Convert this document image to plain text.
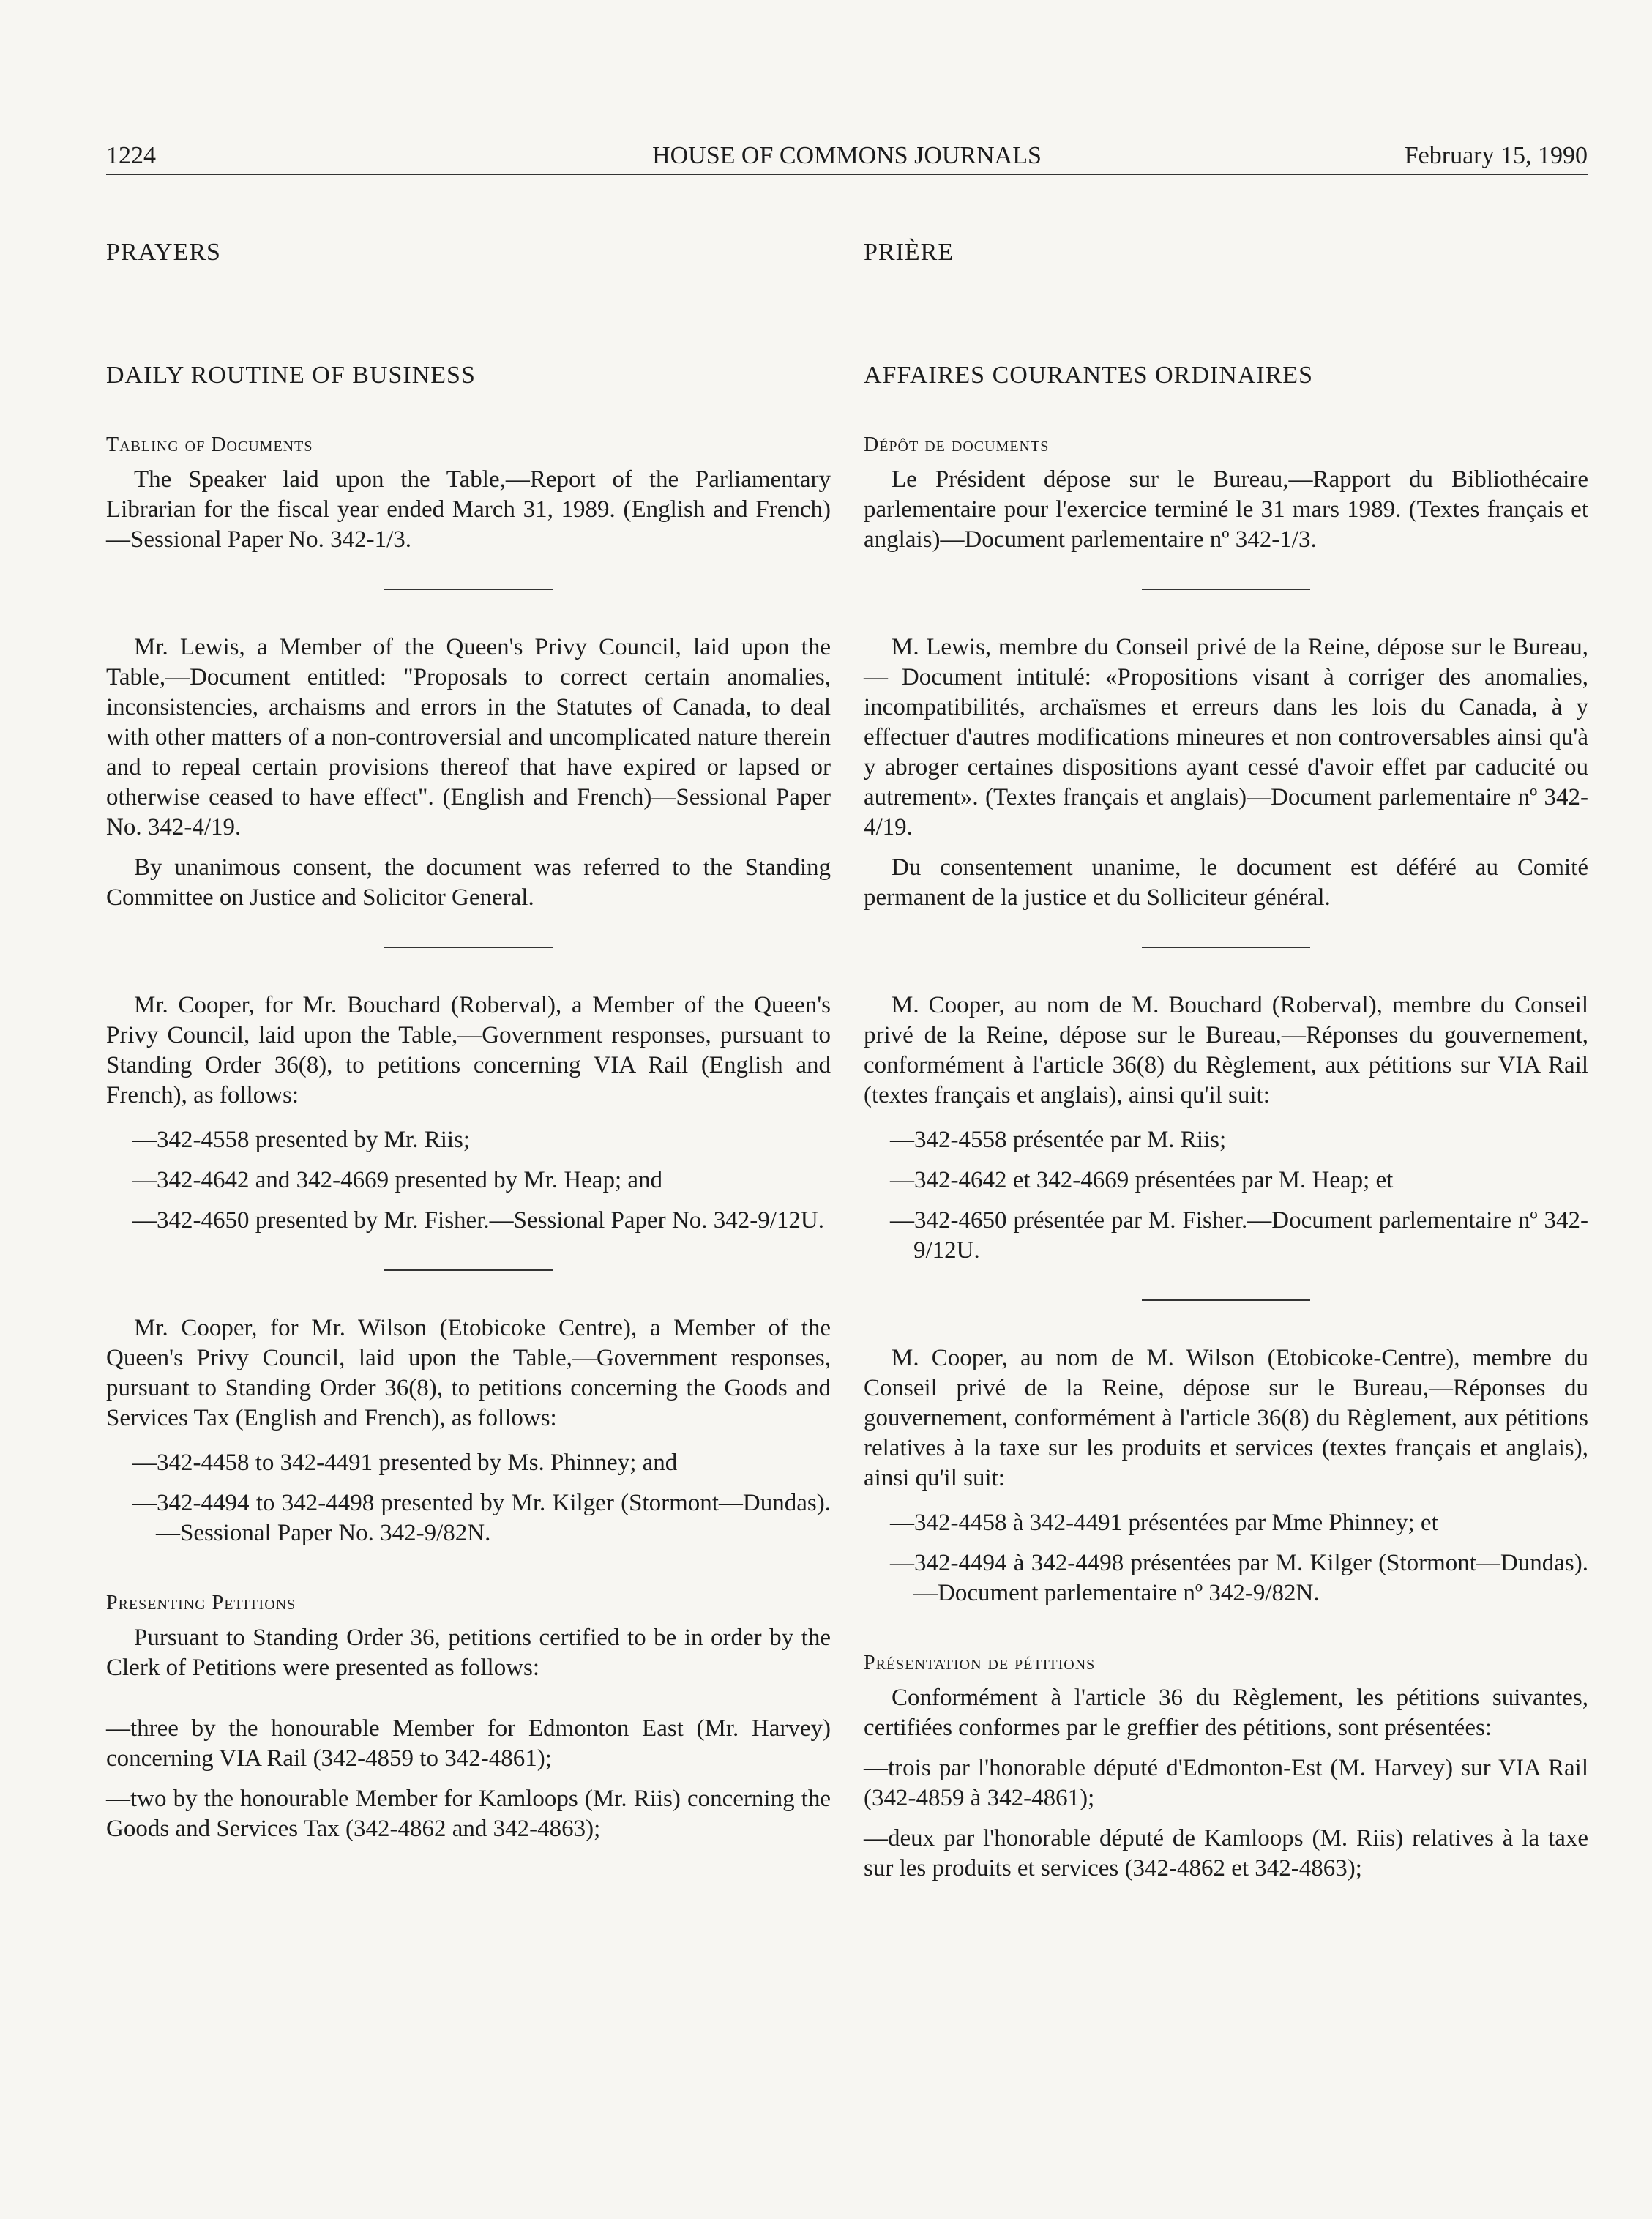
1224	HOUSE OF COMMONS JOURNALS	February 15, 1990
PRAYERS
DAILY ROUTINE OF BUSINESS
Tabling of Documents

The Speaker laid upon the Table,—Report of the Parliamentary Librarian for the fiscal year ended March 31, 1989. (English and French)—Sessional Paper No. 342-1/3.

Mr. Lewis, a Member of the Queen's Privy Council, laid upon the Table,—Document entitled: "Proposals to correct certain anomalies, inconsistencies, archaisms and errors in the Statutes of Canada, to deal with other matters of a non-controversial and uncomplicated nature therein and to repeal certain provisions thereof that have expired or lapsed or otherwise ceased to have effect". (English and French)—Sessional Paper No. 342-4/19.

By unanimous consent, the document was referred to the Standing Committee on Justice and Solicitor General.

Mr. Cooper, for Mr. Bouchard (Roberval), a Member of the Queen's Privy Council, laid upon the Table,—Government responses, pursuant to Standing Order 36(8), to petitions concerning VIA Rail (English and French), as follows:

—342-4558 presented by Mr. Riis;
—342-4642 and 342-4669 presented by Mr. Heap; and
—342-4650 presented by Mr. Fisher.—Sessional Paper No. 342-9/12U.

Mr. Cooper, for Mr. Wilson (Etobicoke Centre), a Member of the Queen's Privy Council, laid upon the Table,—Government responses, pursuant to Standing Order 36(8), to petitions concerning the Goods and Services Tax (English and French), as follows:

—342-4458 to 342-4491 presented by Ms. Phinney; and
—342-4494 to 342-4498 presented by Mr. Kilger (Stormont—Dundas).—Sessional Paper No. 342-9/82N.
Presenting Petitions

Pursuant to Standing Order 36, petitions certified to be in order by the Clerk of Petitions were presented as follows:

—three by the honourable Member for Edmonton East (Mr. Harvey) concerning VIA Rail (342-4859 to 342-4861);

—two by the honourable Member for Kamloops (Mr. Riis) concerning the Goods and Services Tax (342-4862 and 342-4863);

PRIÈRE
AFFAIRES COURANTES ORDINAIRES
Dépôt de documents

Le Président dépose sur le Bureau,—Rapport du Bibliothécaire parlementaire pour l'exercice terminé le 31 mars 1989. (Textes français et anglais)—Document parlementaire nº 342-1/3.

M. Lewis, membre du Conseil privé de la Reine, dépose sur le Bureau,— Document intitulé: «Propositions visant à corriger des anomalies, incompatibilités, archaïsmes et erreurs dans les lois du Canada, à y effectuer d'autres modifications mineures et non controversables ainsi qu'à y abroger certaines dispositions ayant cessé d'avoir effet par caducité ou autrement». (Textes français et anglais)—Document parlementaire nº 342-4/19.

Du consentement unanime, le document est déféré au Comité permanent de la justice et du Solliciteur général.

M. Cooper, au nom de M. Bouchard (Roberval), membre du Conseil privé de la Reine, dépose sur le Bureau,—Réponses du gouvernement, conformément à l'article 36(8) du Règlement, aux pétitions sur VIA Rail (textes français et anglais), ainsi qu'il suit:

—342-4558 présentée par M. Riis;
—342-4642 et 342-4669 présentées par M. Heap; et
—342-4650 présentée par M. Fisher.—Document parlementaire nº 342-9/12U.

M. Cooper, au nom de M. Wilson (Etobicoke-Centre), membre du Conseil privé de la Reine, dépose sur le Bureau,—Réponses du gouvernement, conformément à l'article 36(8) du Règlement, aux pétitions relatives à la taxe sur les produits et services (textes français et anglais), ainsi qu'il suit:

—342-4458 à 342-4491 présentées par Mme Phinney; et
—342-4494 à 342-4498 présentées par M. Kilger (Stormont—Dundas).—Document parlementaire nº 342-9/82N.
Présentation de pétitions

Conformément à l'article 36 du Règlement, les pétitions suivantes, certifiées conformes par le greffier des pétitions, sont présentées:

—trois par l'honorable député d'Edmonton-Est (M. Harvey) sur VIA Rail (342-4859 à 342-4861);

—deux par l'honorable député de Kamloops (M. Riis) relatives à la taxe sur les produits et services (342-4862 et 342-4863);
